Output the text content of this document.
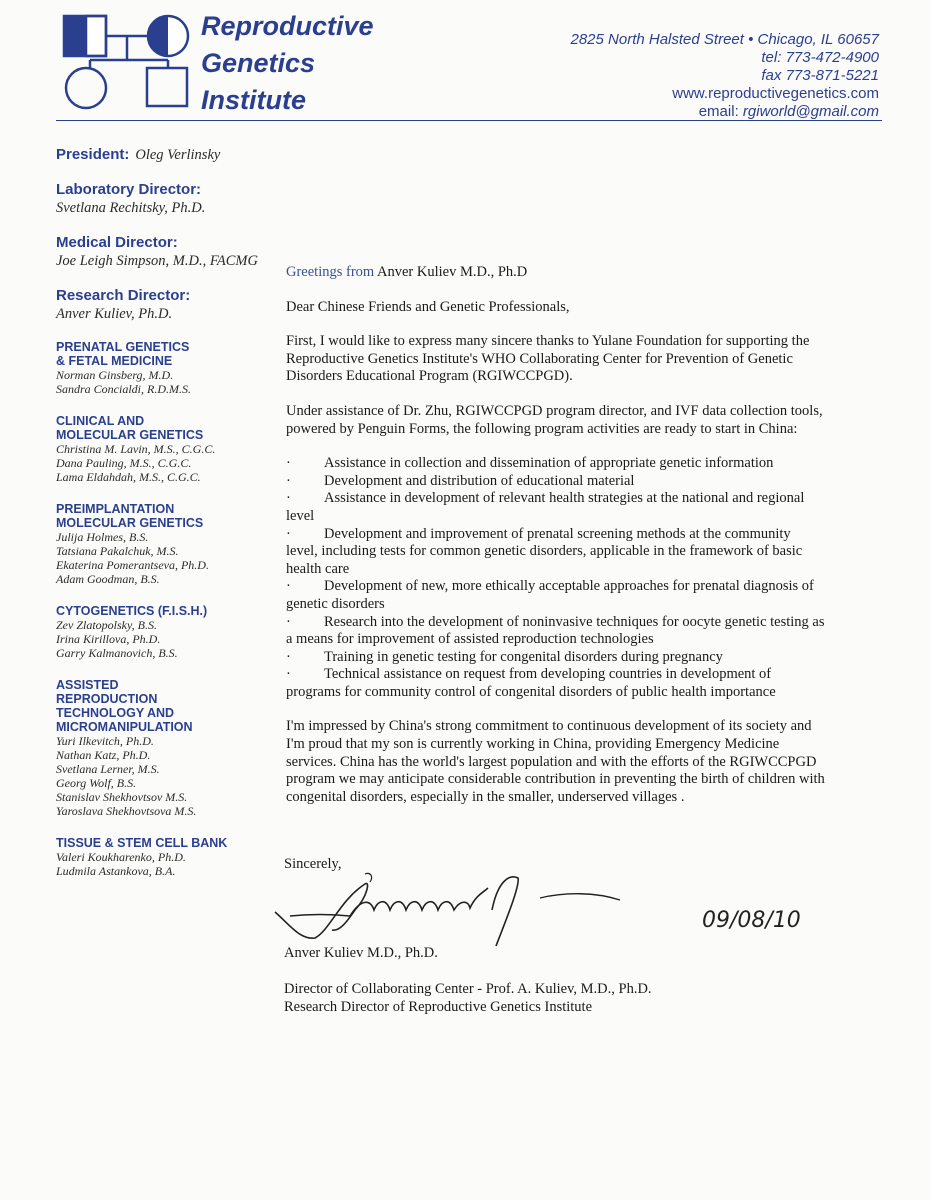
Reproductive
Genetics
Institute
2825 North Halsted Street • Chicago, IL 60657
tel: 773-472-4900
fax 773-871-5221
www.reproductivegenetics.com
email: rgiworld@gmail.com
President: Oleg Verlinsky
Laboratory Director:
Svetlana Rechitsky, Ph.D.
Medical Director:
Joe Leigh Simpson, M.D., FACMG
Research Director:
Anver Kuliev, Ph.D.
PRENATAL GENETICS
& FETAL MEDICINE
Norman Ginsberg, M.D.
Sandra Concialdi, R.D.M.S.
CLINICAL AND
MOLECULAR GENETICS
Christina M. Lavin, M.S., C.G.C.
Dana Pauling, M.S., C.G.C.
Lama Eldahdah, M.S., C.G.C.
PREIMPLANTATION
MOLECULAR GENETICS
Julija Holmes, B.S.
Tatsiana Pakalchuk, M.S.
Ekaterina Pomerantseva, Ph.D.
Adam Goodman, B.S.
CYTOGENETICS (F.I.S.H.)
Zev Zlatopolsky, B.S.
Irina Kirillova, Ph.D.
Garry Kalmanovich, B.S.
ASSISTED
REPRODUCTION
TECHNOLOGY AND
MICROMANIPULATION
Yuri Ilkevitch, Ph.D.
Nathan Katz, Ph.D.
Svetlana Lerner, M.S.
Georg Wolf, B.S.
Stanislav Shekhovtsov M.S.
Yaroslava Shekhovtsova M.S.
TISSUE & STEM CELL BANK
Valeri Koukharenko, Ph.D.
Ludmila Astankova, B.A.

Greetings from Anver Kuliev M.D., Ph.D

Dear Chinese Friends and Genetic Professionals,

First, I would like to express many sincere thanks to Yulane Foundation for supporting the Reproductive Genetics Institute's WHO Collaborating Center for Prevention of Genetic Disorders Educational Program (RGIWCCPGD).

Under assistance of Dr. Zhu, RGIWCCPGD program director, and IVF data collection tools, powered by Penguin Forms, the following program activities are ready to start in China:

· Assistance in collection and dissemination of appropriate genetic information
· Development and distribution of educational material
· Assistance in development of relevant health strategies at the national and regional level
· Development and improvement of prenatal screening methods at the community level, including tests for common genetic disorders, applicable in the framework of basic health care
· Development of new, more ethically acceptable approaches for prenatal diagnosis of genetic disorders
· Research into the development of noninvasive techniques for oocyte genetic testing as a means for improvement of assisted reproduction technologies
· Training in genetic testing for congenital disorders during pregnancy
· Technical assistance on request from developing countries in development of programs for community control of congenital disorders of public health importance

I'm impressed by China's strong commitment to continuous development of its society and I'm proud that my son is currently working in China, providing Emergency Medicine services. China has the world's largest population and with the efforts of the RGIWCCPGD program we may anticipate considerable contribution in preventing the birth of children with congenital disorders, especially in the smaller, underserved villages .

Sincerely,
09/08/10
Anver Kuliev M.D., Ph.D.
Director of Collaborating Center - Prof. A. Kuliev, M.D., Ph.D.
Research Director of Reproductive Genetics Institute
